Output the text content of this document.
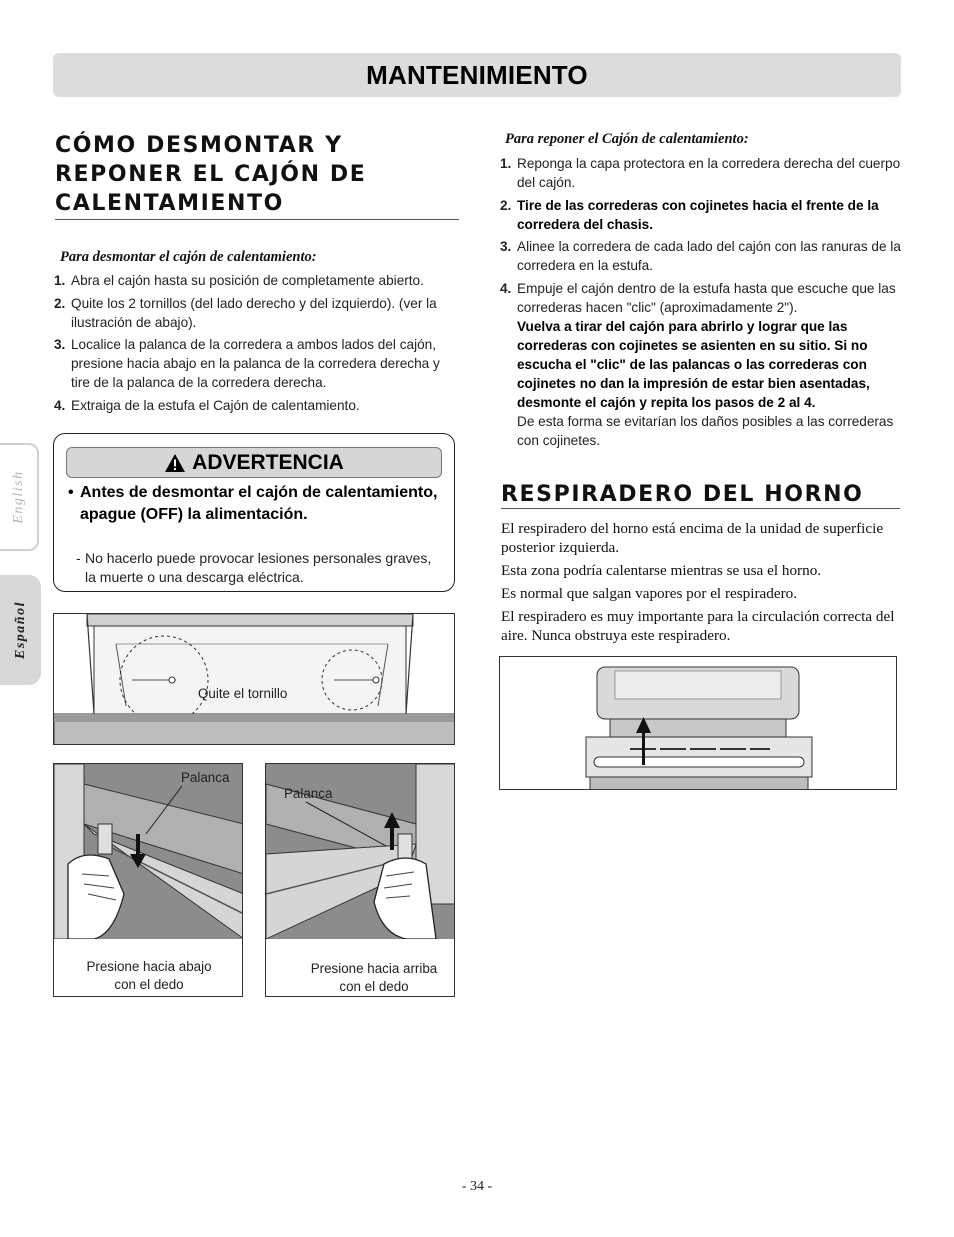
MANTENIMIENTO
English
Español
CÓMO DESMONTAR Y
REPONER EL CAJÓN DE
CALENTAMIENTO
Para desmontar el cajón de calentamiento:
1. Abra el cajón hasta su posición de completamente abierto.
2. Quite los 2 tornillos (del lado derecho y del izquierdo). (ver la ilustración de abajo).
3. Localice la palanca de la corredera a ambos lados del cajón, presione hacia abajo en la palanca de la corredera derecha y tire de la palanca de la corredera derecha.
4. Extraiga de la estufa el Cajón de calentamiento.
ADVERTENCIA
• Antes de desmontar el cajón de calentamiento, apague (OFF) la alimentación.
- No hacerlo puede provocar lesiones personales graves, la muerte o una descarga eléctrica.
Quite el tornillo
Palanca
Presione hacia abajo
con el dedo
Palanca
Presione hacia arriba
con el dedo
Para reponer el Cajón de calentamiento:
1. Reponga la capa protectora en la corredera derecha del cuerpo del cajón.
2. Tire de las correderas con cojinetes hacia el frente de la corredera del chasis.
3. Alinee la corredera de cada lado del cajón con las ranuras de la corredera en la estufa.
4. Empuje el cajón dentro de la estufa hasta que escuche que las correderas hacen "clic" (aproximadamente 2").
Vuelva a tirar del cajón para abrirlo y lograr que las correderas con cojinetes se asienten en su sitio. Si no escucha el "clic" de las palancas o las correderas con cojinetes no dan la impresión de estar bien asentadas, desmonte el cajón y repita los pasos de 2 al 4.
De esta forma se evitarían los daños posibles a las correderas con cojinetes.
RESPIRADERO DEL HORNO
El respiradero del horno está encima de la unidad de superficie posterior izquierda.
Esta zona podría calentarse mientras se usa el horno.
Es normal que salgan vapores por el respiradero.
El respiradero es muy importante para la circulación correcta del aire. Nunca obstruya este respiradero.
- 34 -
